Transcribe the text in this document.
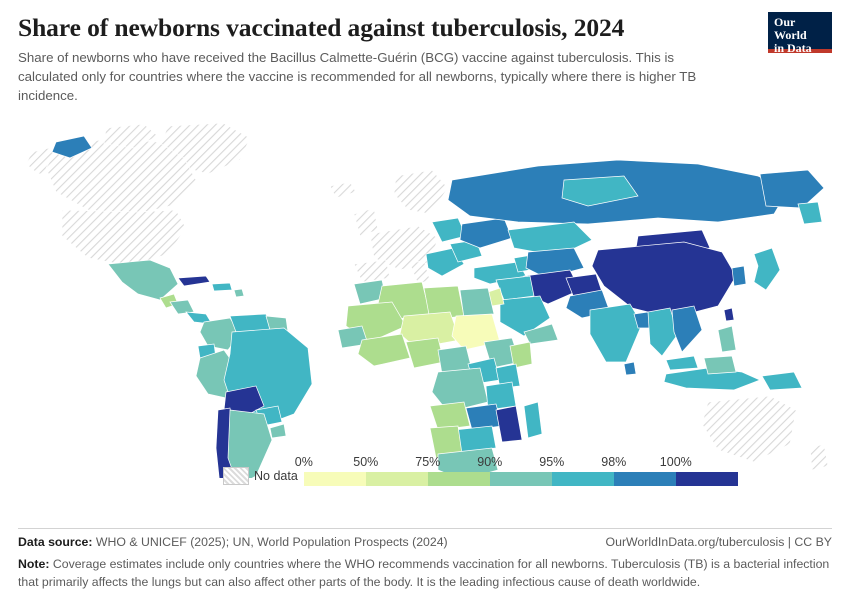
Share of newborns vaccinated against tuberculosis, 2024

Share of newborns who have received the Bacillus Calmette-Guérin (BCG) vaccine against tuberculosis. This is calculated only for countries where the vaccine is recommended for all newborns, typically where there is higher TB incidence.

Our World
in Data
No data
0%	50%	75%	90%	95%	98%	100%
Data source: WHO & UNICEF (2025); UN, World Population Prospects (2024)	OurWorldInData.org/tuberculosis | CC BY
Note: Coverage estimates include only countries where the WHO recommends vaccination for all newborns. Tuberculosis (TB) is a bacterial infection that primarily affects the lungs but can also affect other parts of the body. It is the leading infectious cause of death worldwide.
